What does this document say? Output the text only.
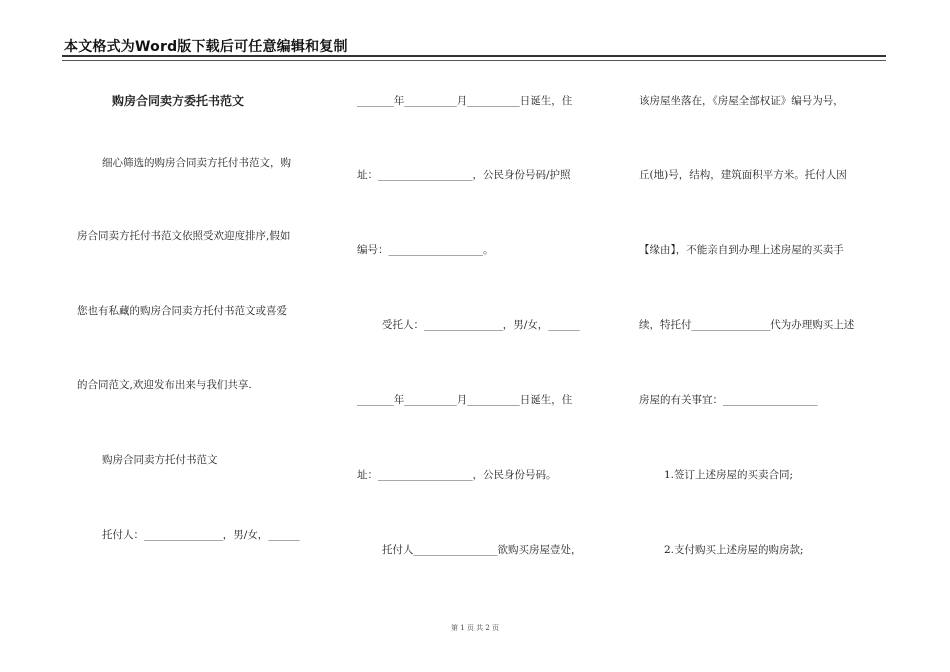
本文格式为Word版下载后可任意编辑和复制
购房合同卖方委托书范文
细心筛选的购房合同卖方托付书范文，购
房合同卖方托付书范文依照受欢迎度排序,假如
您也有私藏的购房合同卖方托付书范文或喜爱
的合同范文,欢迎发布出来与我们共享.
购房合同卖方托付书范文
托付人：_______________，男/女，______
_______年__________月__________日诞生，住
址：__________________，公民身份号码/护照
编号：__________________。
受托人：_______________，男/女，______
_______年__________月__________日诞生，住
址：__________________，公民身份号码。
托付人________________欲购买房屋壹处，
该房屋坐落在，《房屋全部权证》编号为号，
丘(地)号，结构，建筑面积平方米。托付人因
【缘由】，不能亲自到办理上述房屋的买卖手
续，特托付_______________代为办理购买上述
房屋的有关事宜：__________________
1.签订上述房屋的买卖合同;
2.支付购买上述房屋的购房款;
第 1 页 共 2 页
